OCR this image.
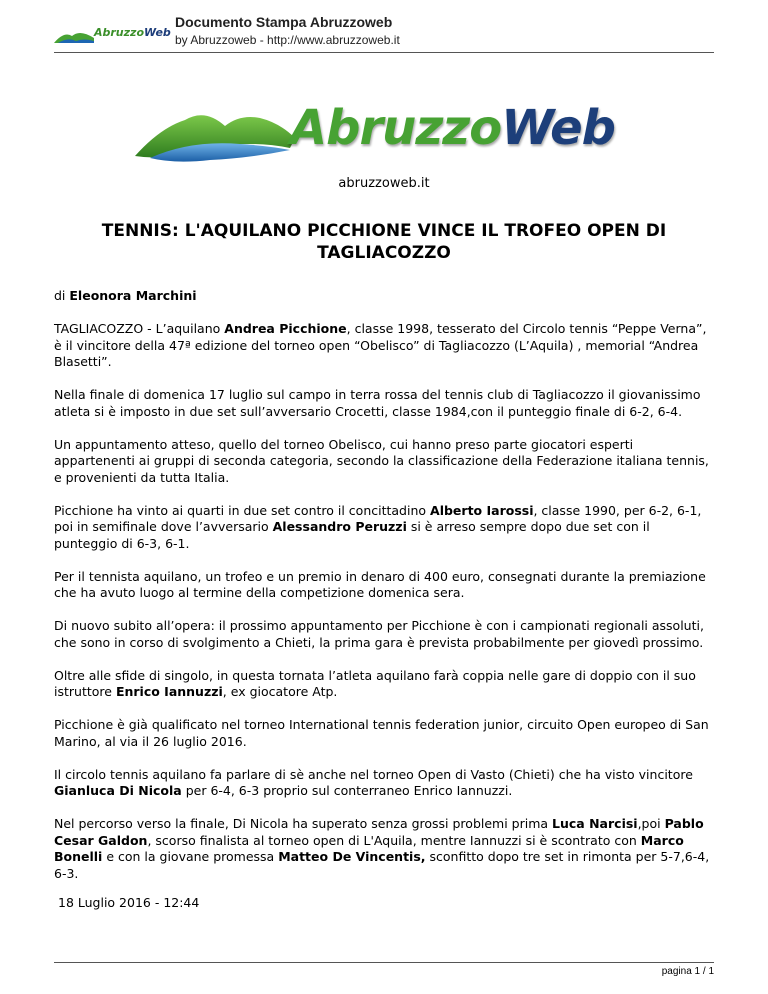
AbruzzoWeb
Documento Stampa Abruzzoweb
by Abruzzoweb - http://www.abruzzoweb.it
AbruzzoWeb
abruzzoweb.it
TENNIS: L'AQUILANO PICCHIONE VINCE IL TROFEO OPEN DI TAGLIACOZZO

di Eleonora Marchini

TAGLIACOZZO - L’aquilano Andrea Picchione, classe 1998, tesserato del Circolo tennis “Peppe Verna”, è il vincitore della 47ª edizione del torneo open “Obelisco” di Tagliacozzo (L’Aquila) , memorial “Andrea Blasetti”.

Nella finale di domenica 17 luglio sul campo in terra rossa del tennis club di Tagliacozzo il giovanissimo atleta si è imposto in due set sull’avversario Crocetti, classe 1984,con il punteggio finale di 6-2, 6-4.

Un appuntamento atteso, quello del torneo Obelisco, cui hanno preso parte giocatori esperti appartenenti ai gruppi di seconda categoria, secondo la classificazione della Federazione italiana tennis, e provenienti da tutta Italia.

Picchione ha vinto ai quarti in due set contro il concittadino Alberto Iarossi, classe 1990, per 6-2, 6-1, poi in semifinale dove l’avversario Alessandro Peruzzi si è arreso sempre dopo due set con il punteggio di 6-3, 6-1.

Per il tennista aquilano, un trofeo e un premio in denaro di 400 euro, consegnati durante la premiazione che ha avuto luogo al termine della competizione domenica sera.

Di nuovo subito all’opera: il prossimo appuntamento per Picchione è con i campionati regionali assoluti, che sono in corso di svolgimento a Chieti, la prima gara è prevista probabilmente per giovedì prossimo.

Oltre alle sfide di singolo, in questa tornata l’atleta aquilano farà coppia nelle gare di doppio con il suo istruttore Enrico Iannuzzi, ex giocatore Atp.

Picchione è già qualificato nel torneo International tennis federation junior, circuito Open europeo di San Marino, al via il 26 luglio 2016.

Il circolo tennis aquilano fa parlare di sè anche nel torneo Open di Vasto (Chieti) che ha visto vincitore Gianluca Di Nicola per 6-4, 6-3 proprio sul conterraneo Enrico Iannuzzi.

Nel percorso verso la finale, Di Nicola ha superato senza grossi problemi prima Luca Narcisi,poi Pablo Cesar Galdon, scorso finalista al torneo open di L'Aquila, mentre Iannuzzi si è scontrato con Marco Bonelli e con la giovane promessa Matteo De Vincentis, sconfitto dopo tre set in rimonta per 5-7,6-4, 6-3.

18 Luglio 2016 - 12:44
pagina 1 / 1
